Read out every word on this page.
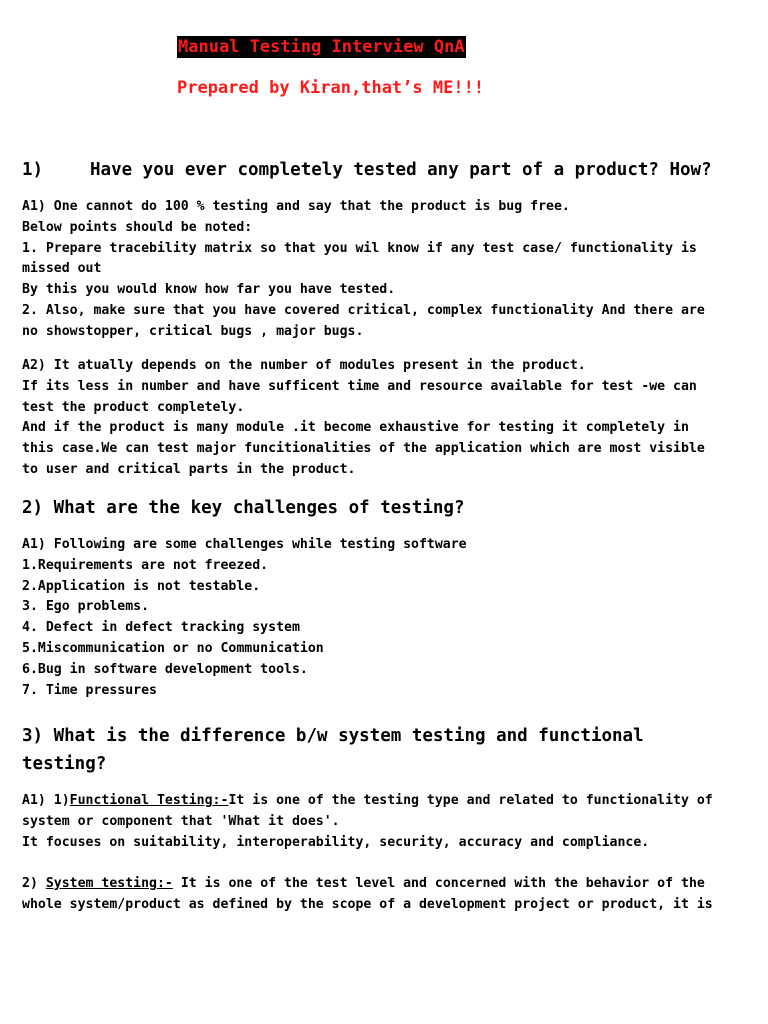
Manual Testing Interview QnA
Prepared by Kiran,that’s ME!!!
1)	Have you ever completely tested any part of a product? How?
A1) One cannot do 100 % testing and say that the product is bug free.
Below points should be noted:
1. Prepare tracebility matrix so that you wil know if any test case/ functionality is
missed out
By this you would know how far you have tested.
2. Also, make sure that you have covered critical, complex functionality And there are
no showstopper, critical bugs , major bugs.
A2) It atually depends on the number of modules present in the product.
If its less in number and have sufficent time and resource available for test -we can
test the product completely.
And if the product is many module .it become exhaustive for testing it completely in
this case.We can test major funcitionalities of the application which are most visible
to user and critical parts in the product.
2) What are the key challenges of testing?
A1) Following are some challenges while testing software
1.Requirements are not freezed.
2.Application is not testable.
3. Ego problems.
4. Defect in defect tracking system
5.Miscommunication or no Communication
6.Bug in software development tools.
7. Time pressures
3) What is the difference b/w system testing and functional
testing?
A1) 1)Functional Testing:-It is one of the testing type and related to functionality of
system or component that 'What it does'.
It focuses on suitability, interoperability, security, accuracy and compliance.
2) System testing:- It is one of the test level and concerned with the behavior of the
whole system/product as defined by the scope of a development project or product, it is
